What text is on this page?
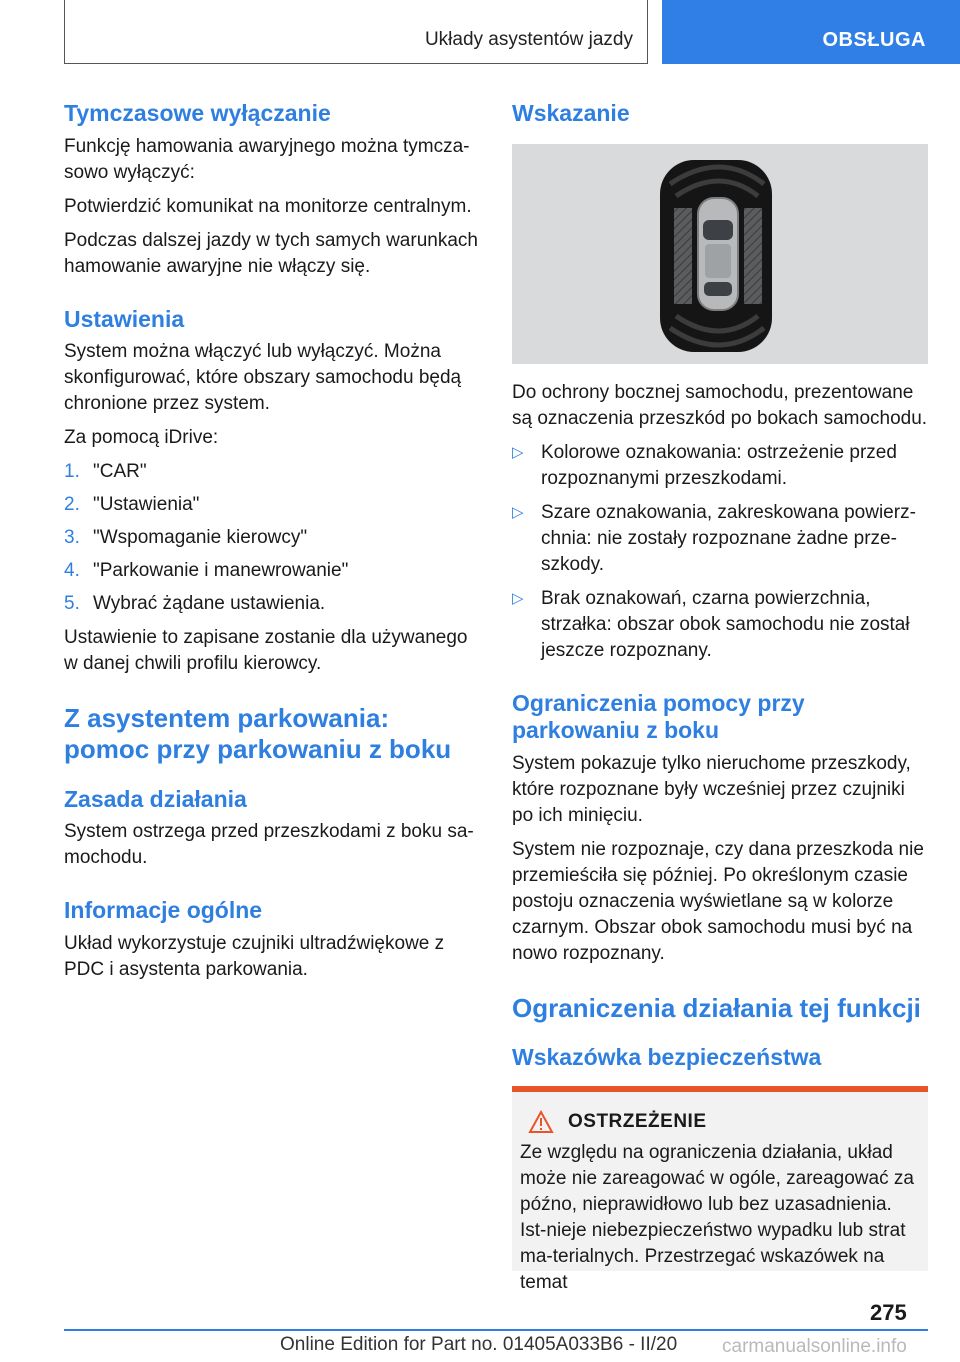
Układy asystentów jazdy	OBSŁUGA
Tymczasowe wyłączanie
Funkcję hamowania awaryjnego można tymcza-sowo wyłączyć:
Potwierdzić komunikat na monitorze centralnym.
Podczas dalszej jazdy w tych samych warunkach hamowanie awaryjne nie włączy się.
Ustawienia
System można włączyć lub wyłączyć. Można skonfigurować, które obszary samochodu będą chronione przez system.
Za pomocą iDrive:
1. "CAR"
2. "Ustawienia"
3. "Wspomaganie kierowcy"
4. "Parkowanie i manewrowanie"
5. Wybrać żądane ustawienia.
Ustawienie to zapisane zostanie dla używanego w danej chwili profilu kierowcy.
Z asystentem parkowania: pomoc przy parkowaniu z boku
Zasada działania
System ostrzega przed przeszkodami z boku sa-mochodu.
Informacje ogólne
Układ wykorzystuje czujniki ultradźwiękowe z PDC i asystenta parkowania.
Wskazanie
Do ochrony bocznej samochodu, prezentowane są oznaczenia przeszkód po bokach samochodu.
▷ Kolorowe oznakowania: ostrzeżenie przed rozpoznanymi przeszkodami.
▷ Szare oznakowania, zakreskowana powierz-chnia: nie zostały rozpoznane żadne prze-szkody.
▷ Brak oznakowań, czarna powierzchnia, strzałka: obszar obok samochodu nie został jeszcze rozpoznany.
Ograniczenia pomocy przy parkowaniu z boku
System pokazuje tylko nieruchome przeszkody, które rozpoznane były wcześniej przez czujniki po ich minięciu.
System nie rozpoznaje, czy dana przeszkoda nie przemieściła się później. Po określonym czasie postoju oznaczenia wyświetlane są w kolorze czarnym. Obszar obok samochodu musi być na nowo rozpoznany.
Ograniczenia działania tej funkcji
Wskazówka bezpieczeństwa
OSTRZEŻENIE
Ze względu na ograniczenia działania, układ może nie zareagować w ogóle, zareagować za późno, nieprawidłowo lub bez uzasadnienia. Ist-nieje niebezpieczeństwo wypadku lub strat ma-terialnych. Przestrzegać wskazówek na temat
275
Online Edition for Part no. 01405A033B6 - II/20 carmanualsonline.info
